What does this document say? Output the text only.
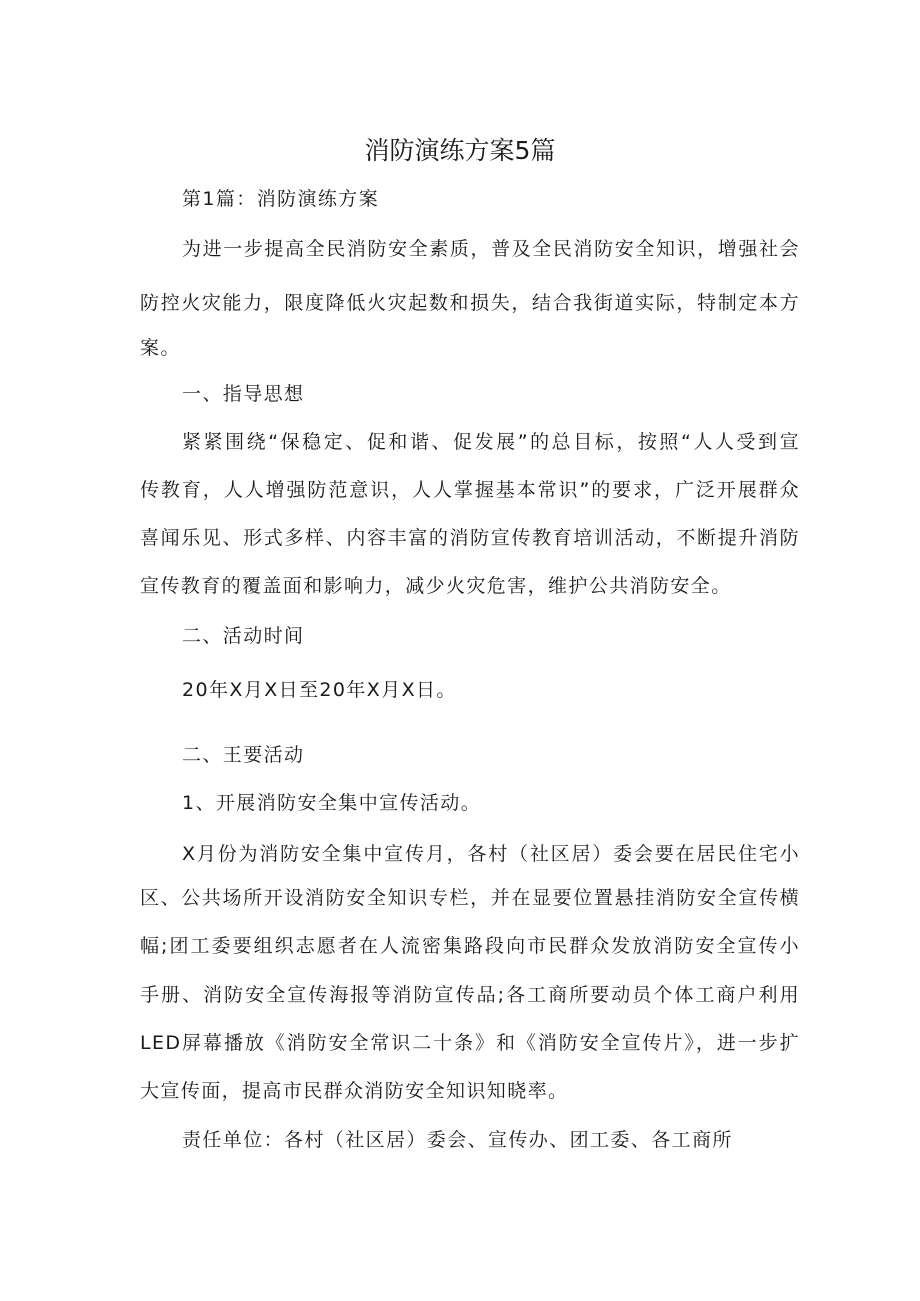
消防演练方案5篇
第1篇：消防演练方案
为进一步提高全民消防安全素质，普及全民消防安全知识，增强社会
防控火灾能力，限度降低火灾起数和损失，结合我街道实际，特制定本方
案。
一、指导思想
紧紧围绕“保稳定、促和谐、促发展”的总目标，按照“人人受到宣
传教育，人人增强防范意识，人人掌握基本常识”的要求，广泛开展群众
喜闻乐见、形式多样、内容丰富的消防宣传教育培训活动，不断提升消防
宣传教育的覆盖面和影响力，减少火灾危害，维护公共消防安全。
二、活动时间
20年X月X日至20年X月X日。
二、王要活动
1、开展消防安全集中宣传活动。
X月份为消防安全集中宣传月，各村（社区居）委会要在居民住宅小
区、公共场所开设消防安全知识专栏，并在显要位置悬挂消防安全宣传横
幅;团工委要组织志愿者在人流密集路段向市民群众发放消防安全宣传小
手册、消防安全宣传海报等消防宣传品;各工商所要动员个体工商户利用
LED屏幕播放《消防安全常识二十条》和《消防安全宣传片》，进一步扩
大宣传面，提高市民群众消防安全知识知晓率。
责任单位：各村（社区居）委会、宣传办、团工委、各工商所
